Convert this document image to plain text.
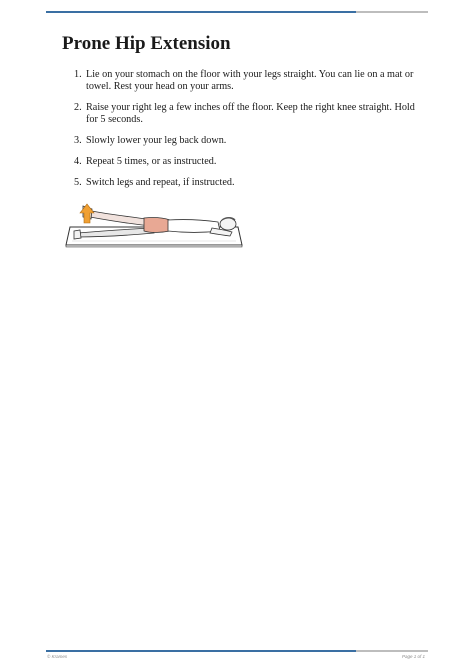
Prone Hip Extension
1. Lie on your stomach on the floor with your legs straight. You can lie on a mat or towel. Rest your head on your arms.
2. Raise your right leg a few inches off the floor. Keep the right knee straight. Hold for 5 seconds.
3. Slowly lower your leg back down.
4. Repeat 5 times, or as instructed.
5. Switch legs and repeat, if instructed.
© Krames	Page 1 of 1
